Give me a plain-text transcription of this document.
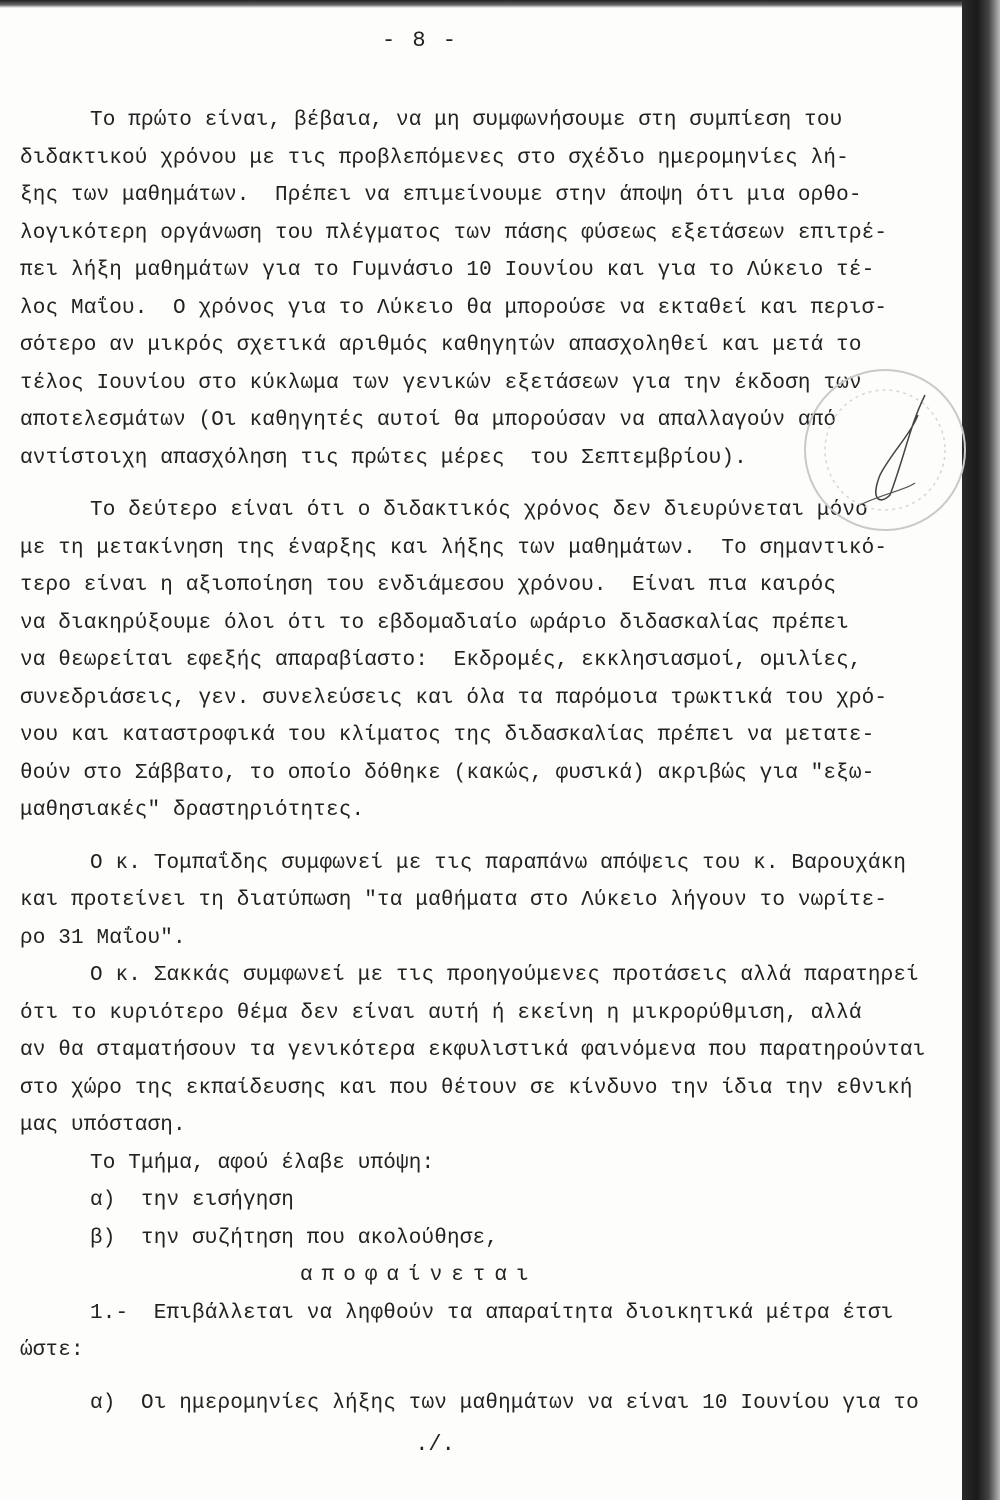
- 8 -
Το πρώτο είναι, βέβαια, να μη συμφωνήσουμε στη συμπίεση του
διδακτικού χρόνου με τις προβλεπόμενες στο σχέδιο ημερομηνίες λή-
ξης των μαθημάτων.  Πρέπει να επιμείνουμε στην άποψη ότι μια ορθο-
λογικότερη οργάνωση του πλέγματος των πάσης φύσεως εξετάσεων επιτρέ-
πει λήξη μαθημάτων για το Γυμνάσιο 10 Ιουνίου και για το Λύκειο τέ-
λος Μαΐου.  Ο χρόνος για το Λύκειο θα μπορούσε να εκταθεί και περισ-
σότερο αν μικρός σχετικά αριθμός καθηγητών απασχοληθεί και μετά το
τέλος Ιουνίου στο κύκλωμα των γενικών εξετάσεων για την έκδοση των
αποτελεσμάτων (Οι καθηγητές αυτοί θα μπορούσαν να απαλλαγούν από
αντίστοιχη απασχόληση τις πρώτες μέρες  του Σεπτεμβρίου).
Το δεύτερο είναι ότι ο διδακτικός χρόνος δεν διευρύνεται μόνο
με τη μετακίνηση της έναρξης και λήξης των μαθημάτων.  Το σημαντικό-
τερο είναι η αξιοποίηση του ενδιάμεσου χρόνου.  Είναι πια καιρός
να διακηρύξουμε όλοι ότι το εβδομαδιαίο ωράριο διδασκαλίας πρέπει
να θεωρείται εφεξής απαραβίαστο:  Εκδρομές, εκκλησιασμοί, ομιλίες,
συνεδριάσεις, γεν. συνελεύσεις και όλα τα παρόμοια τρωκτικά του χρό-
νου και καταστροφικά του κλίματος της διδασκαλίας πρέπει να μετατε-
θούν στο Σάββατο, το οποίο δόθηκε (κακώς, φυσικά) ακριβώς για "εξω-
μαθησιακές" δραστηριότητες.
Ο κ. Τομπαΐδης συμφωνεί με τις παραπάνω απόψεις του κ. Βαρουχάκη
και προτείνει τη διατύπωση "τα μαθήματα στο Λύκειο λήγουν το νωρίτε-
ρο 31 Μαΐου".
Ο κ. Σακκάς συμφωνεί με τις προηγούμενες προτάσεις αλλά παρατηρεί
ότι το κυριότερο θέμα δεν είναι αυτή ή εκείνη η μικρορύθμιση, αλλά
αν θα σταματήσουν τα γενικότερα εκφυλιστικά φαινόμενα που παρατηρούνται
στο χώρο της εκπαίδευσης και που θέτουν σε κίνδυνο την ίδια την εθνική
μας υπόσταση.
Το Τμήμα, αφού έλαβε υπόψη:
α)  την εισήγηση
β)  την συζήτηση που ακολούθησε,
αποφαίνεται
1.-  Επιβάλλεται να ληφθούν τα απαραίτητα διοικητικά μέτρα έτσι
ώστε:
α)  Οι ημερομηνίες λήξης των μαθημάτων να είναι 10 Ιουνίου για το
./.
